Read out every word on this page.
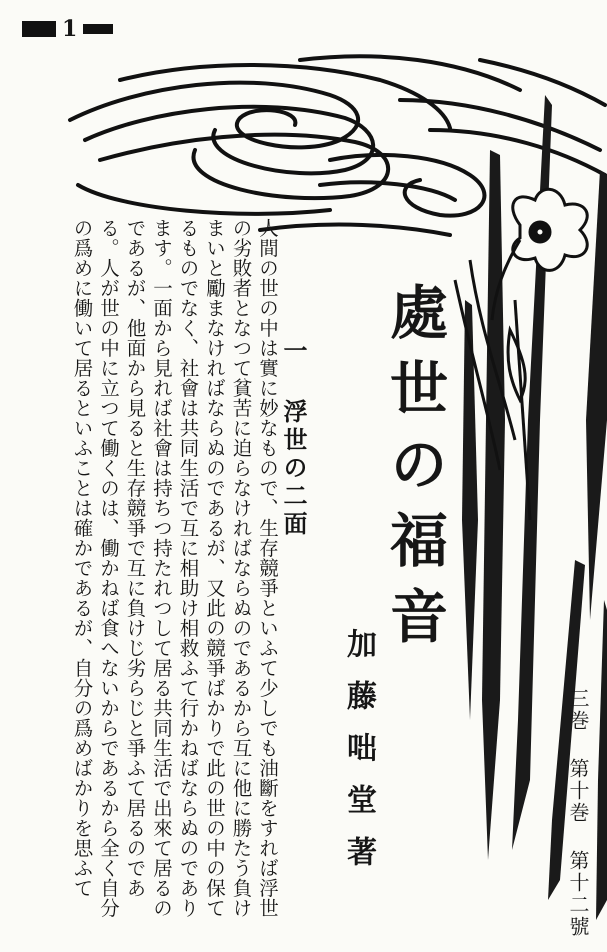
1
處世の福音
加藤咄堂著	三巻 第十巻 第十二號
一 浮世の二面
人間の世の中は實に妙なもので、生存競爭といふて少しでも油斷をすれば浮世の劣敗者となつて貧苦に迫らなければならぬのであるから互に他に勝たう負けまいと勵まなければならぬのであるが、又此の競爭ばかりで此の世の中の保てるものでなく、社會は共同生活で互に相助け相救ふて行かねばならぬのであります。一面から見れば社會は持ちつ持たれつして居る共同生活で出來て居るのであるが、他面から見ると生存競爭で互に負けじ劣らじと爭ふて居るのである。人が世の中に立つて働くのは、働かねば食へないからであるから全く自分の爲めに働いて居るといふことは確かであるが、自分の爲めばかりを思ふて
